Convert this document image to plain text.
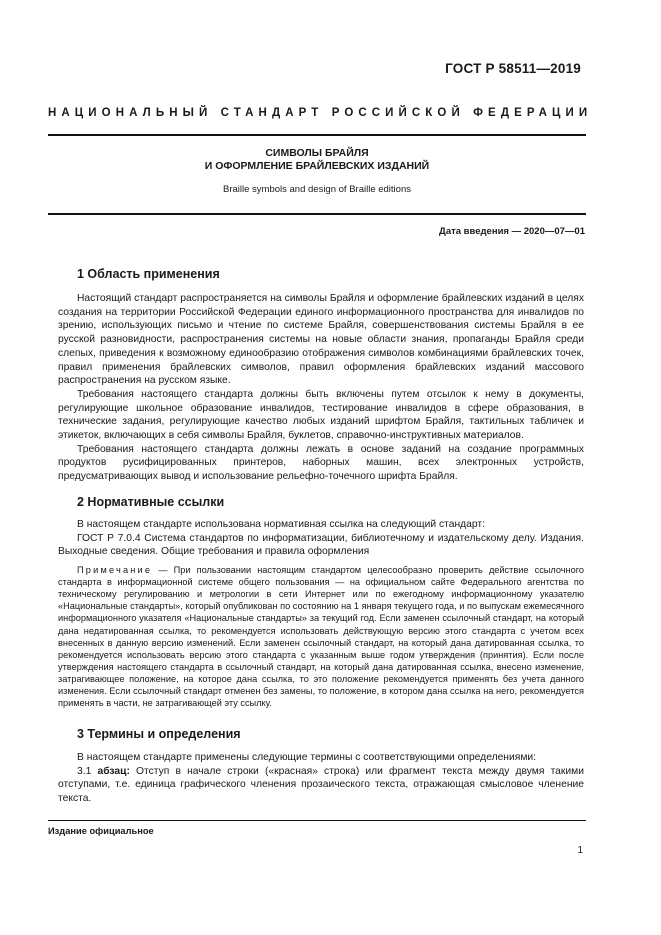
ГОСТ Р 58511—2019
НАЦИОНАЛЬНЫЙ СТАНДАРТ РОССИЙСКОЙ ФЕДЕРАЦИИ
СИМВОЛЫ БРАЙЛЯ
И ОФОРМЛЕНИЕ БРАЙЛЕВСКИХ ИЗДАНИЙ
Braille symbols and design of Braille editions
Дата введения — 2020—07—01
1 Область применения

Настоящий стандарт распространяется на символы Брайля и оформление брайлевских изданий в целях создания на территории Российской Федерации единого информационного пространства для инвалидов по зрению, использующих письмо и чтение по системе Брайля, совершенствования системы Брайля в ее русской разновидности, распространения системы на новые области знания, пропаганды Брайля среди слепых, приведения к возможному единообразию отображения символов комбинациями брайлевских точек, правил применения брайлевских символов, правил оформления брайлевских изданий массового распространения на русском языке.

Требования настоящего стандарта должны быть включены путем отсылок к нему в документы, регулирующие школьное образование инвалидов, тестирование инвалидов в сфере образования, в технические задания, регулирующие качество любых изданий шрифтом Брайля, тактильных табличек и этикеток, включающих в себя символы Брайля, буклетов, справочно-инструктивных материалов.

Требования настоящего стандарта должны лежать в основе заданий на создание программных продуктов русифицированных принтеров, наборных машин, всех электронных устройств, предусматривающих вывод и использование рельефно-точечного шрифта Брайля.

2 Нормативные ссылки

В настоящем стандарте использована нормативная ссылка на следующий стандарт:

ГОСТ Р 7.0.4 Система стандартов по информатизации, библиотечному и издательскому делу. Издания. Выходные сведения. Общие требования и правила оформления

Примечание — При пользовании настоящим стандартом целесообразно проверить действие ссылочного стандарта в информационной системе общего пользования — на официальном сайте Федерального агентства по техническому регулированию и метрологии в сети Интернет или по ежегодному информационному указателю «Национальные стандарты», который опубликован по состоянию на 1 января текущего года, и по выпускам ежемесячного информационного указателя «Национальные стандарты» за текущий год. Если заменен ссылочный стандарт, на который дана недатированная ссылка, то рекомендуется использовать действующую версию этого стандарта с учетом всех внесенных в данную версию изменений. Если заменен ссылочный стандарт, на который дана датированная ссылка, то рекомендуется использовать версию этого стандарта с указанным выше годом утверждения (принятия). Если после утверждения настоящего стандарта в ссылочный стандарт, на который дана датированная ссылка, внесено изменение, затрагивающее положение, на которое дана ссылка, то это положение рекомендуется применять без учета данного изменения. Если ссылочный стандарт отменен без замены, то положение, в котором дана ссылка на него, рекомендуется применять в части, не затрагивающей эту ссылку.

3 Термины и определения

В настоящем стандарте применены следующие термины с соответствующими определениями:

3.1 абзац: Отступ в начале строки («красная» строка) или фрагмент текста между двумя такими отступами, т.е. единица графического членения прозаического текста, отражающая смысловое членение текста.

Издание официальное
1
